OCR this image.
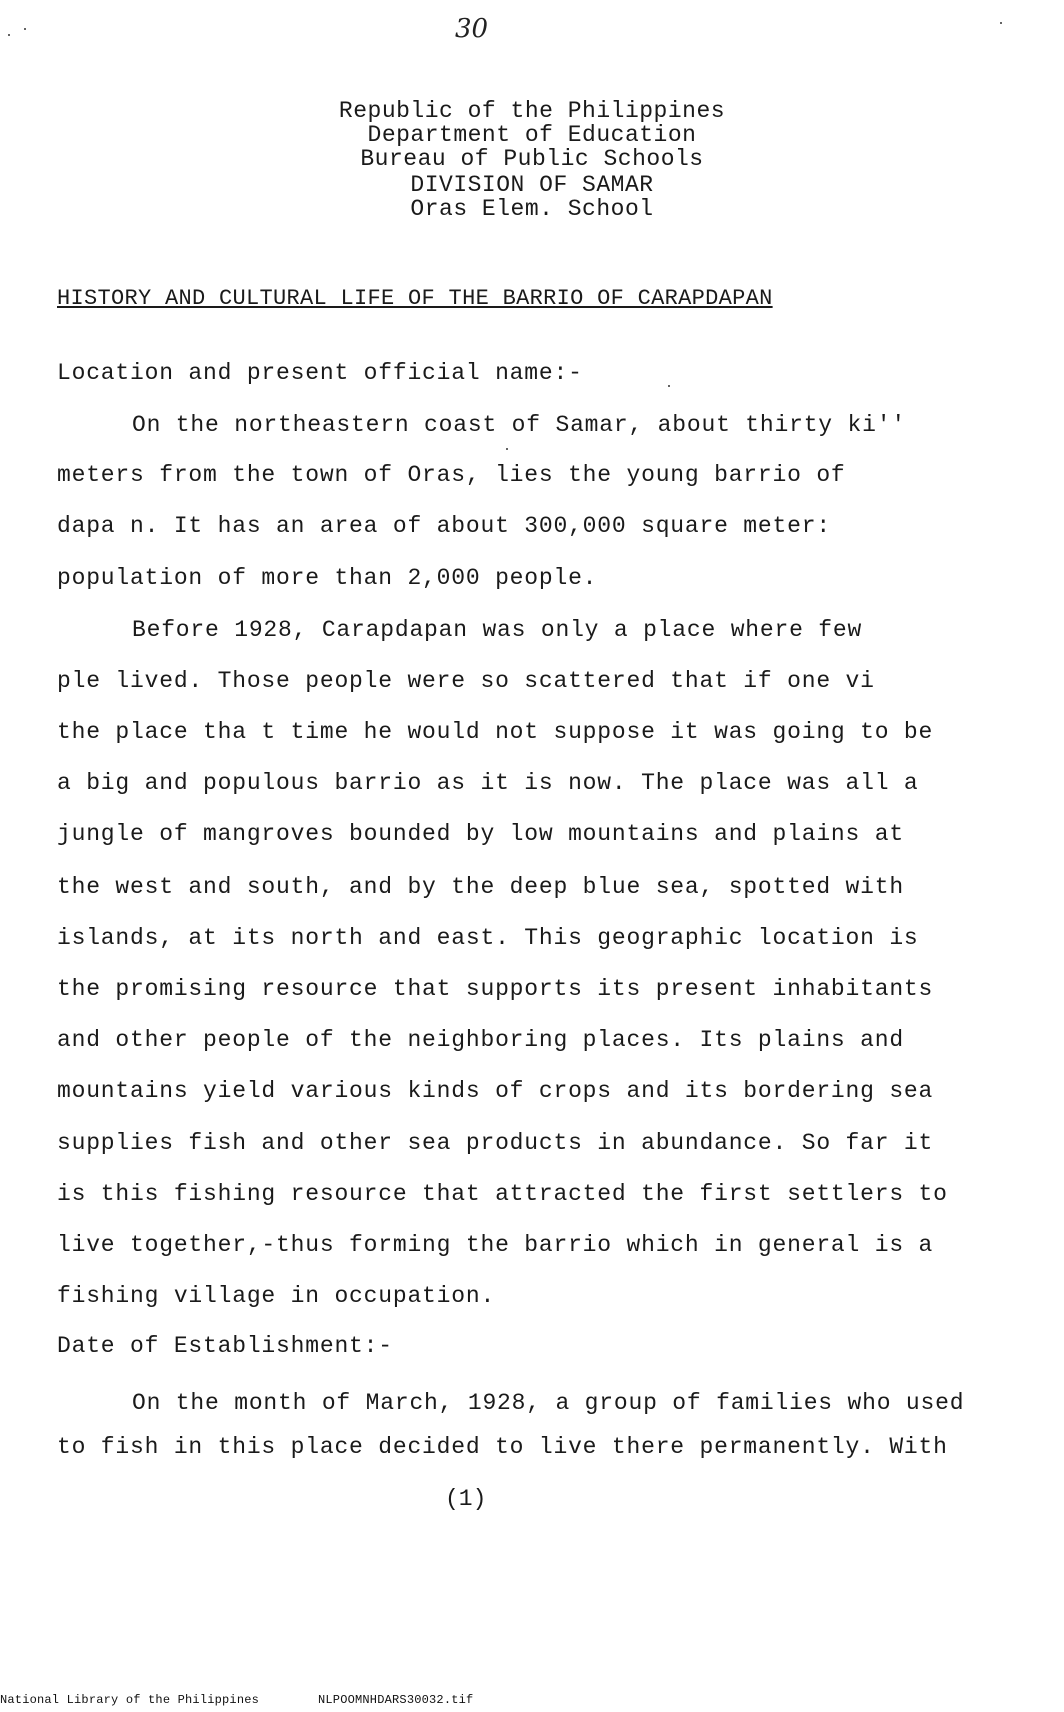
30
Republic of the Philippines
Department of Education
Bureau of Public Schools
DIVISION OF SAMAR
Oras Elem. School
HISTORY AND CULTURAL LIFE OF THE BARRIO OF CARAPDAPAN
Location and present official name:-
On the northeastern coast of Samar, about thirty ki''
meters from the town of Oras, lies the young barrio of
dapa n. It has an area of about 300,000 square meter:
population of more than 2,000 people.
Before 1928, Carapdapan was only a place where few
ple lived. Those people were so scattered that if one vi
the place tha t time he would not suppose it was going to be
a big and populous barrio as it is now. The place was all a
jungle of mangroves bounded by low mountains and plains at
the west and south, and by the deep blue sea, spotted with
islands, at its north and east. This geographic location is
the promising resource that supports its present inhabitants
and other people of the neighboring places. Its plains and
mountains yield various kinds of crops and its bordering sea
supplies fish and other sea products in abundance. So far it
is this fishing resource that attracted the first settlers to
live together,-thus forming the barrio which in general is a
fishing village in occupation.
Date of Establishment:-
On the month of March, 1928, a group of families who used
to fish in this place decided to live there permanently. With
(1)
National Library of the Philippines	NLPOOMNHDARS30032.tif
